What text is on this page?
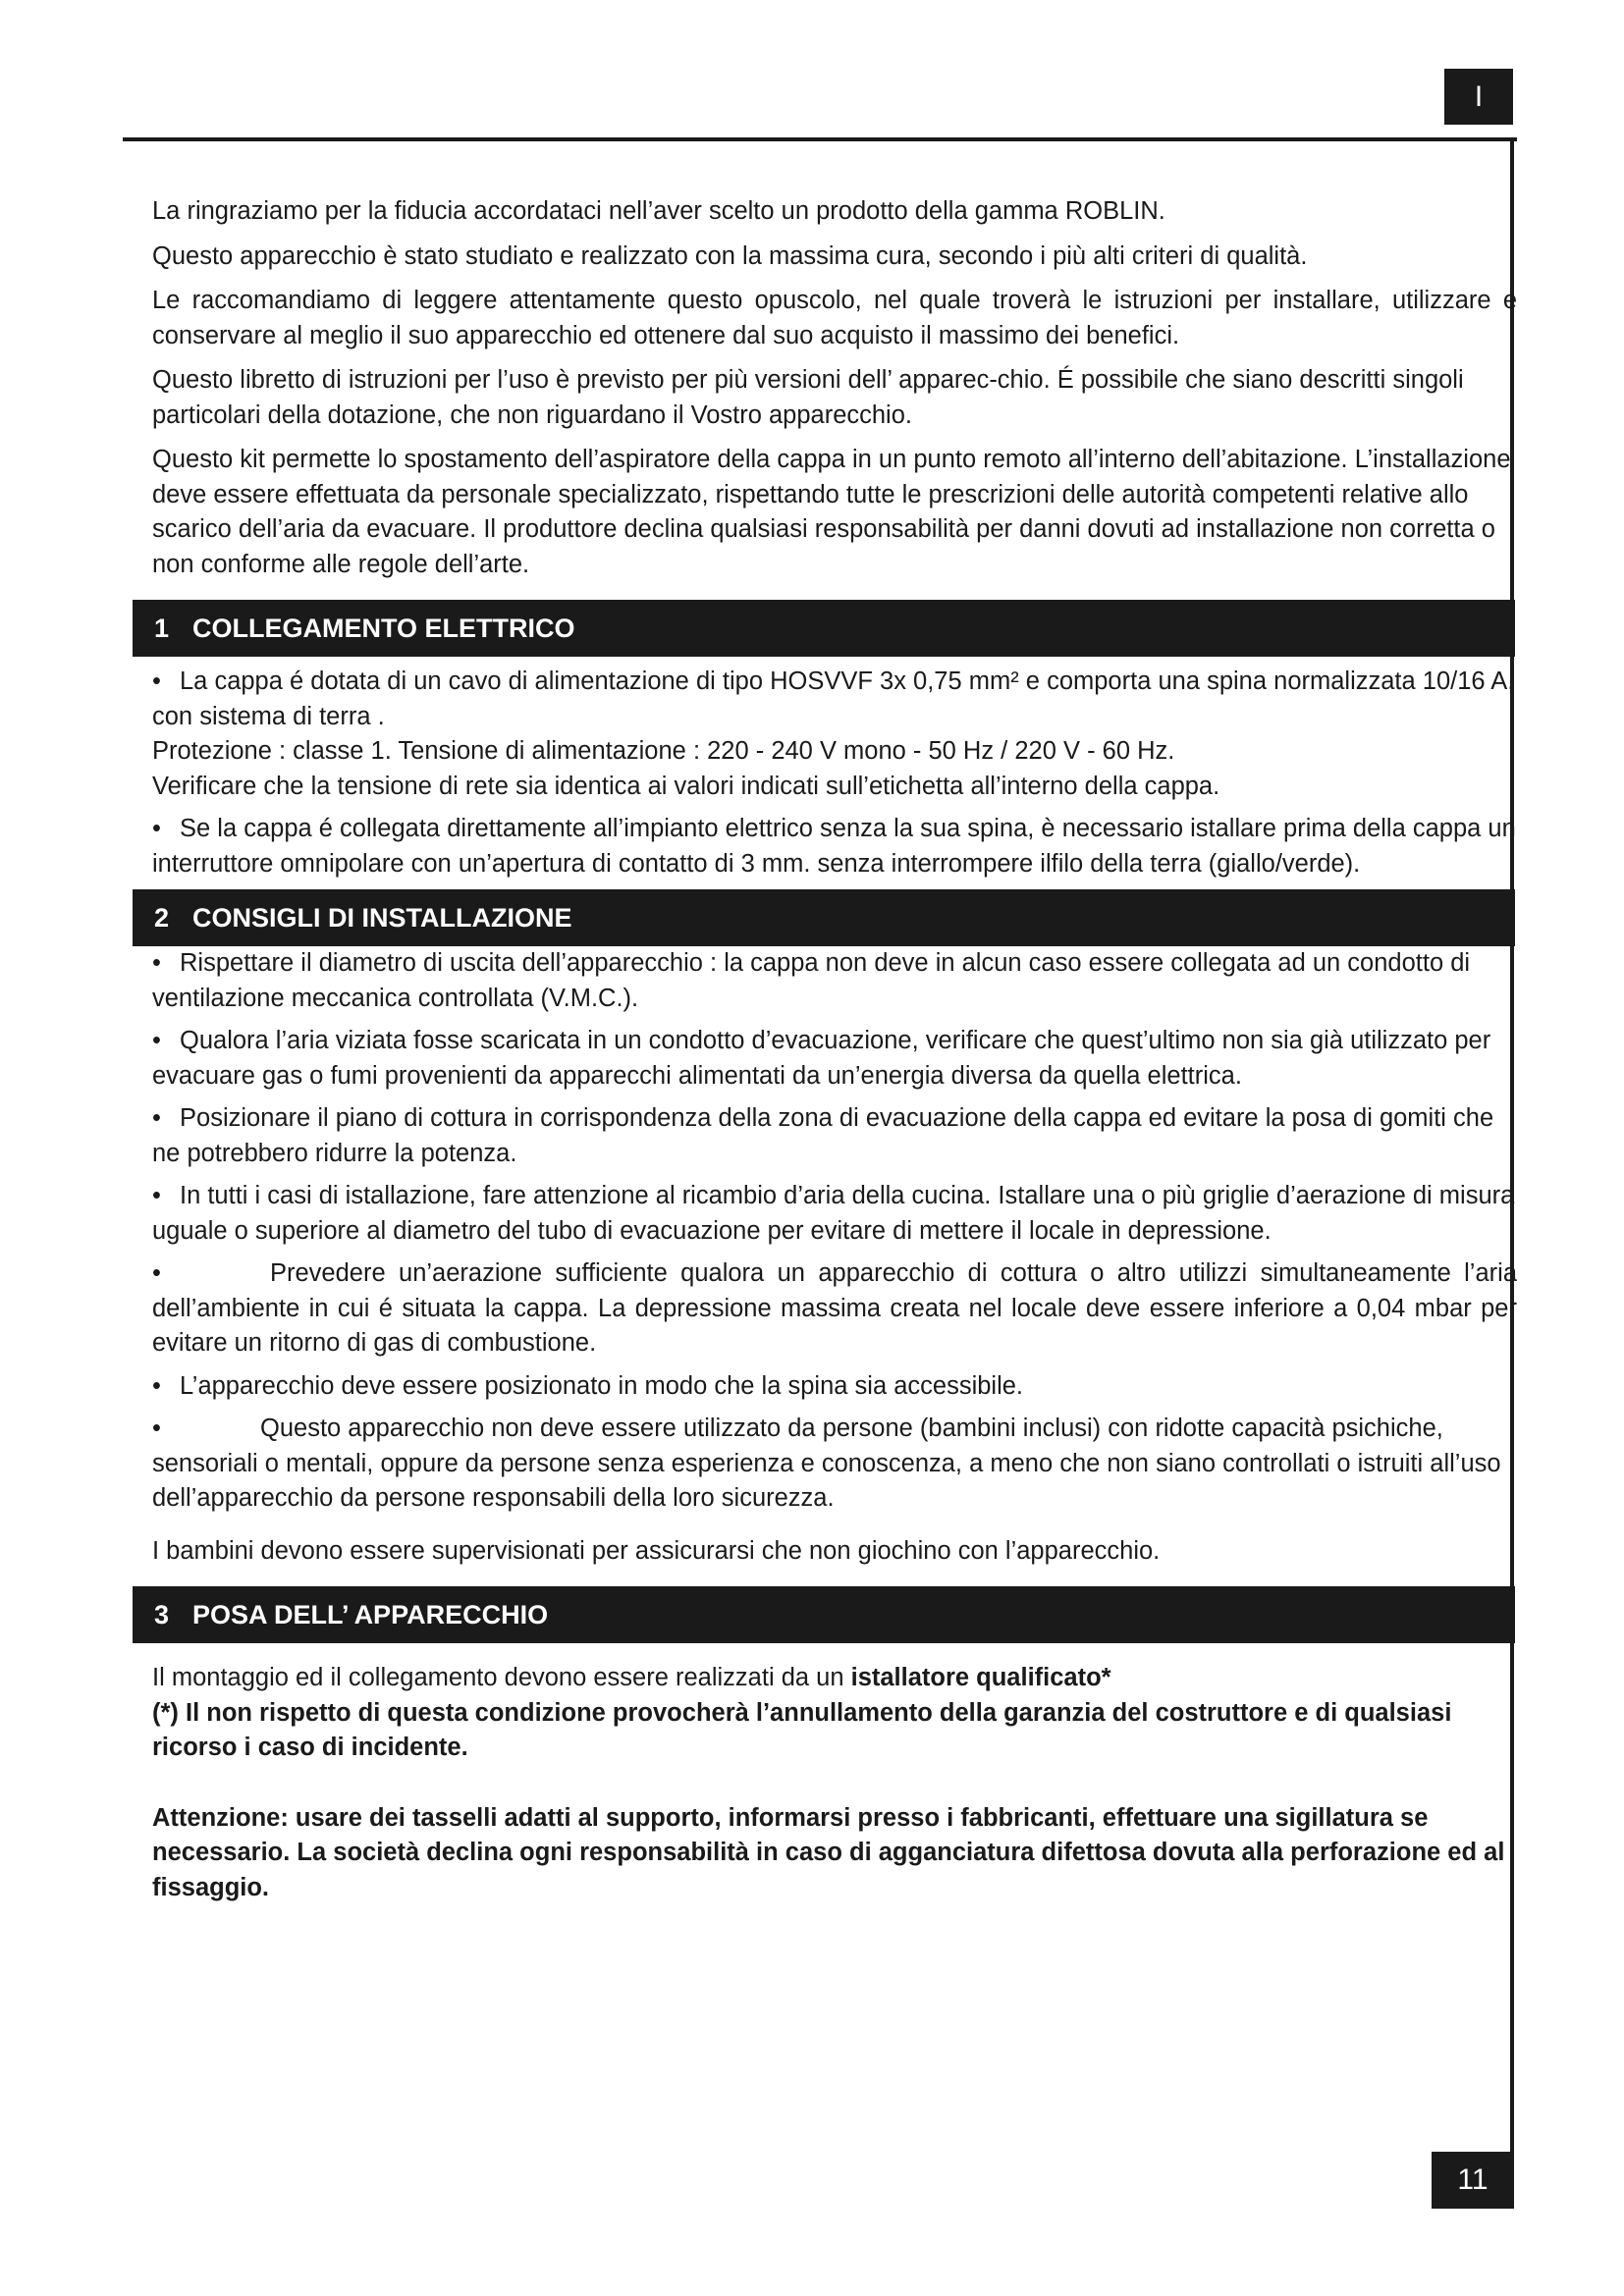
I

La ringraziamo per la fiducia accordataci nell’aver scelto un prodotto della gamma ROBLIN.

Questo apparecchio è stato studiato e realizzato con la massima cura, secondo i più alti criteri di qualità.

Le raccomandiamo di leggere attentamente questo opuscolo, nel quale troverà le istruzioni per installare, utilizzare e conservare al meglio il suo apparecchio ed ottenere dal suo acquisto il massimo dei benefici.

Questo libretto di istruzioni per l’uso è previsto per più versioni dell’ apparec-chio. É possibile che siano descritti singoli particolari della dotazione, che non riguardano il Vostro apparecchio.

Questo kit permette lo spostamento dell’aspiratore della cappa in un punto remoto all’interno dell’abitazione. L’installazione deve essere effettuata da personale specializzato, rispettando tutte le prescrizioni delle autorità competenti relative allo scarico dell’aria da evacuare. Il produttore declina qualsiasi responsabilità per danni dovuti ad installazione non corretta o non conforme alle regole dell’arte.

1 COLLEGAMENTO ELETTRICO

• La cappa é dotata di un cavo di alimentazione di tipo HOSVVF 3x 0,75 mm² e comporta una spina normalizzata 10/16 A, con sistema di terra .

Protezione : classe 1. Tensione di alimentazione : 220 - 240 V mono - 50 Hz / 220 V - 60 Hz.

Verificare che la tensione di rete sia identica ai valori indicati sull’etichetta all’interno della cappa.

• Se la cappa é collegata direttamente all’impianto elettrico senza la sua spina, è necessario istallare prima della cappa un interruttore omnipolare con un’apertura di contatto di 3 mm. senza interrompere ilfilo della terra (giallo/verde).

2 CONSIGLI DI INSTALLAZIONE

• Rispettare il diametro di uscita dell’apparecchio : la cappa non deve in alcun caso essere collegata ad un condotto di ventilazione meccanica controllata (V.M.C.).

• Qualora l’aria viziata fosse scaricata in un condotto d’evacuazione, verificare che quest’ultimo non sia già utilizzato per evacuare gas o fumi provenienti da apparecchi alimentati da un’energia diversa da quella elettrica.

• Posizionare il piano di cottura in corrispondenza della zona di evacuazione della cappa ed evitare la posa di gomiti che ne potrebbero ridurre la potenza.

• In tutti i casi di istallazione, fare attenzione al ricambio d’aria della cucina. Istallare una o più griglie d’aerazione di misura uguale o superiore al diametro del tubo di evacuazione per evitare di mettere il locale in depressione.

•	Prevedere un’aerazione sufficiente qualora un apparecchio di cottura o altro utilizzi simultaneamente l’aria dell’ambiente in cui é situata la cappa. La depressione massima creata nel locale deve essere inferiore a 0,04 mbar per evitare un ritorno di gas di combustione.

• L’apparecchio deve essere posizionato in modo che la spina sia accessibile.

•	Questo apparecchio non deve essere utilizzato da persone (bambini inclusi) con ridotte capacità psichiche, sensoriali o mentali, oppure da persone senza esperienza e conoscenza, a meno che non siano controllati o istruiti all’uso dell’apparecchio da persone responsabili della loro sicurezza.

I bambini devono essere supervisionati per assicurarsi che non giochino con l’apparecchio.

3 POSA DELL’ APPARECCHIO

Il montaggio ed il collegamento devono essere realizzati da un istallatore qualificato*

(*) Il non rispetto di questa condizione provocherà l’annullamento della garanzia del costruttore e di qualsiasi ricorso i caso di incidente.

Attenzione: usare dei tasselli adatti al supporto, informarsi presso i fabbricanti, effettuare una sigillatura se necessario. La società declina ogni responsabilità in caso di agganciatura difettosa dovuta alla perforazione ed al fissaggio.

11
